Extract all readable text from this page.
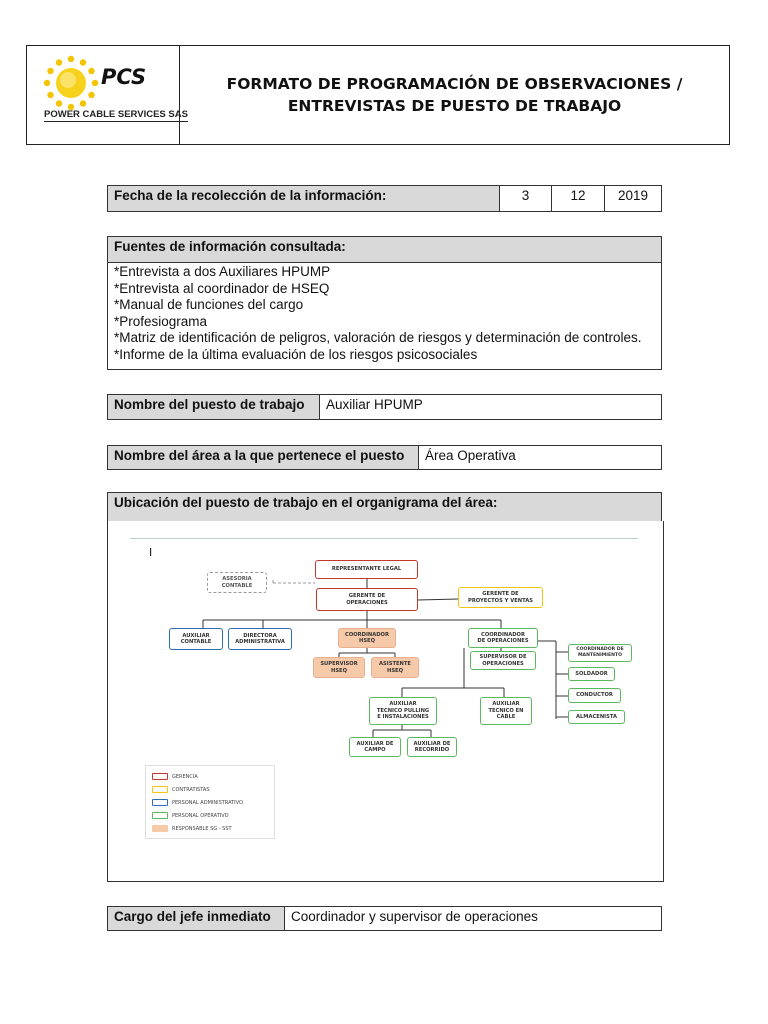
PCS
POWER CABLE SERVICES SAS
FORMATO DE PROGRAMACIÓN DE OBSERVACIONES /
ENTREVISTAS DE PUESTO DE TRABAJO
Fecha de la recolección de la información:	3	12	2019
Fuentes de información consultada:
*Entrevista a dos Auxiliares HPUMP
*Entrevista al coordinador de HSEQ
*Manual de funciones del cargo
*Profesiograma
*Matriz de identificación de peligros, valoración de riesgos y determinación de controles.
*Informe de la última evaluación de los riesgos psicosociales
Nombre del puesto de trabajo	Auxiliar HPUMP
Nombre del área a la que pertenece el puesto	Área Operativa
Ubicación del puesto de trabajo en el organigrama del área:
I
REPRESENTANTE LEGAL
ASESORIA
CONTABLE
GERENTE DE
OPERACIONES
GERENTE DE
PROYECTOS Y VENTAS
AUXILIAR
CONTABLE
DIRECTORA
ADMINISTRATIVA
COORDINADOR
HSEQ
COORDINADOR
DE OPERACIONES
SUPERVISOR
HSEQ
ASISTENTE
HSEQ
SUPERVISOR DE
OPERACIONES
COORDINADOR DE
MANTENIMIENTO
SOLDADOR
CONDUCTOR
ALMACENISTA
AUXILIAR
TECNICO PULLING
E INSTALACIONES
AUXILIAR
TECNICO EN
CABLE
AUXILIAR DE
CAMPO
AUXILIAR DE
RECORRIDO
GERENCIA
CONTRATISTAS
PERSONAL ADMINISTRATIVO
PERSONAL OPERATIVO
RESPONSABLE SG - SST
Cargo del jefe inmediato	Coordinador y supervisor de operaciones
